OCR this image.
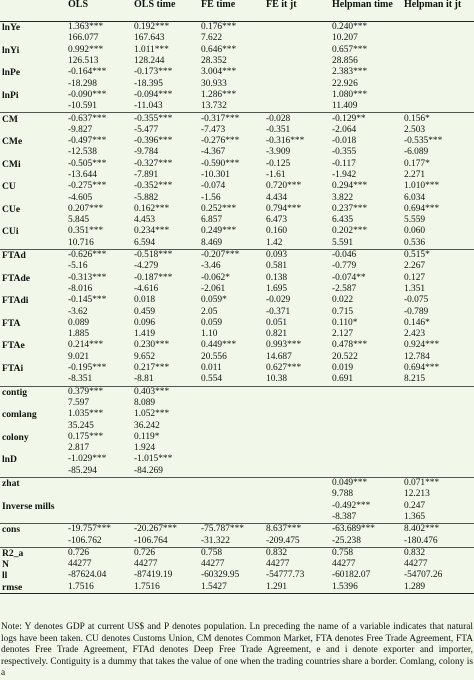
	OLS	OLS time	FE time	FE it jt	Helpman time	Helpman it jt
lnYe	1.363***	0.192***	0.176***		0.240***	
	166.077	167.643	7.622		10.207	
lnYi	0.992***	1.011***	0.646***		0.657***	
	126.513	128.244	28.352		28.856	
lnPe	-0.164***	-0.173***	3.004***		2.383***	
	-18.298	-18.395	30.933		22.926	
lnPi	-0.090***	-0.094***	1.286***		1.080***	
	-10.591	-11.043	13.732		11.409	
CM	-0.637***	-0.355***	-0.317***	-0.028	-0.129**	0.156*
	-9.827	-5.477	-7.473	-0.351	-2.064	2.503
CMe	-0.497***	-0.396***	-0.276***	-0.316***	-0.018	-0.535***
	-12.538	-9.784	-4.367	-3.909	-0.355	-6.089
CMi	-0.505***	-0.327***	-0.590***	-0.125	-0.117	0.177*
	-13.644	-7.891	-10.301	-1.61	-1.942	2.271
CU	-0.275***	-0.352***	-0.074	0.720***	0.294***	1.010***
	-4.605	-5.882	-1.56	4.434	3.822	6.034
CUe	0.207***	0.162***	0.252***	0.794***	0.237***	0.694***
	5.845	4.453	6.857	6.473	6.435	5.559
CUi	0.351***	0.234***	0.249***	0.160	0.202***	0.060
	10.716	6.594	8.469	1.42	5.591	0.536
FTAd	-0.626***	-0.518***	-0.207***	0.093	-0.046	0.515*
	-5.16	-4.279	-3.46	0.581	-0.779	2.267
FTAde	-0.313***	-0.187***	-0.062*	0.138	-0.074**	0.127
	-8.016	-4.616	-2.061	1.695	-2.587	1.351
FTAdi	-0.145***	0.018	0.059*	-0.029	0.022	-0.075
	-3.62	0.459	2.05	-0.371	0.715	-0.789
FTA	0.089	0.096	0.059	0.051	0.110*	0.146*
	1.885	1.419	1.10	0.821	2.127	2.423
FTAe	0.214***	0.230***	0.449***	0.993***	0.478***	0.924***
	9.021	9.652	20.556	14.687	20.522	12.784
FTAi	-0.195***	0.217***	0.011	0.627***	0.019	0.694***
	-8.351	-8.81	0.554	10.38	0.691	8.215
contig	0.379***	0.403***				
	7.597	8.089				
comlang	1.035***	1.052***				
	35.245	36.242				
colony	0.175***	0.119*				
	2.817	1.924				
lnD	-1.029***	-1.015***				
	-85.294	-84.269				
zhat					0.049***	0.071***
					9.788	12.213
Inverse mills					-0.492***	0.247
					-8.387	1.365
cons	-19.757***	-20.267***	-75.787***	8.637***	-63.689***	8.402***
	-106.762	-106.764	-31.322	-209.475	-25.238	-180.476
R2_a	0.726	0.726	0.758	0.832	0.758	0.832
N	44277	44277	44277	44277	44277	44277
ll	-87624.04	-87419.19	-60329.95	-54777.73	-60182.07	-54707.26
rmse	1.7516	1.7516	1.5427	1.291	1.5396	1.289
Note: Y denotes GDP at current US$ and P denotes population. Ln preceding the name of a variable indicates that natural logs have been taken. CU denotes Customs Union, CM denotes Common Market, FTA denotes Free Trade Agreement, FTA denotes Free Trade Agreement, FTAd denotes Deep Free Trade Agreement, e and i denote exporter and importer, respectively. Contiguity is a dummy that takes the value of one when the trading countries share a border. Comlang, colony is a
